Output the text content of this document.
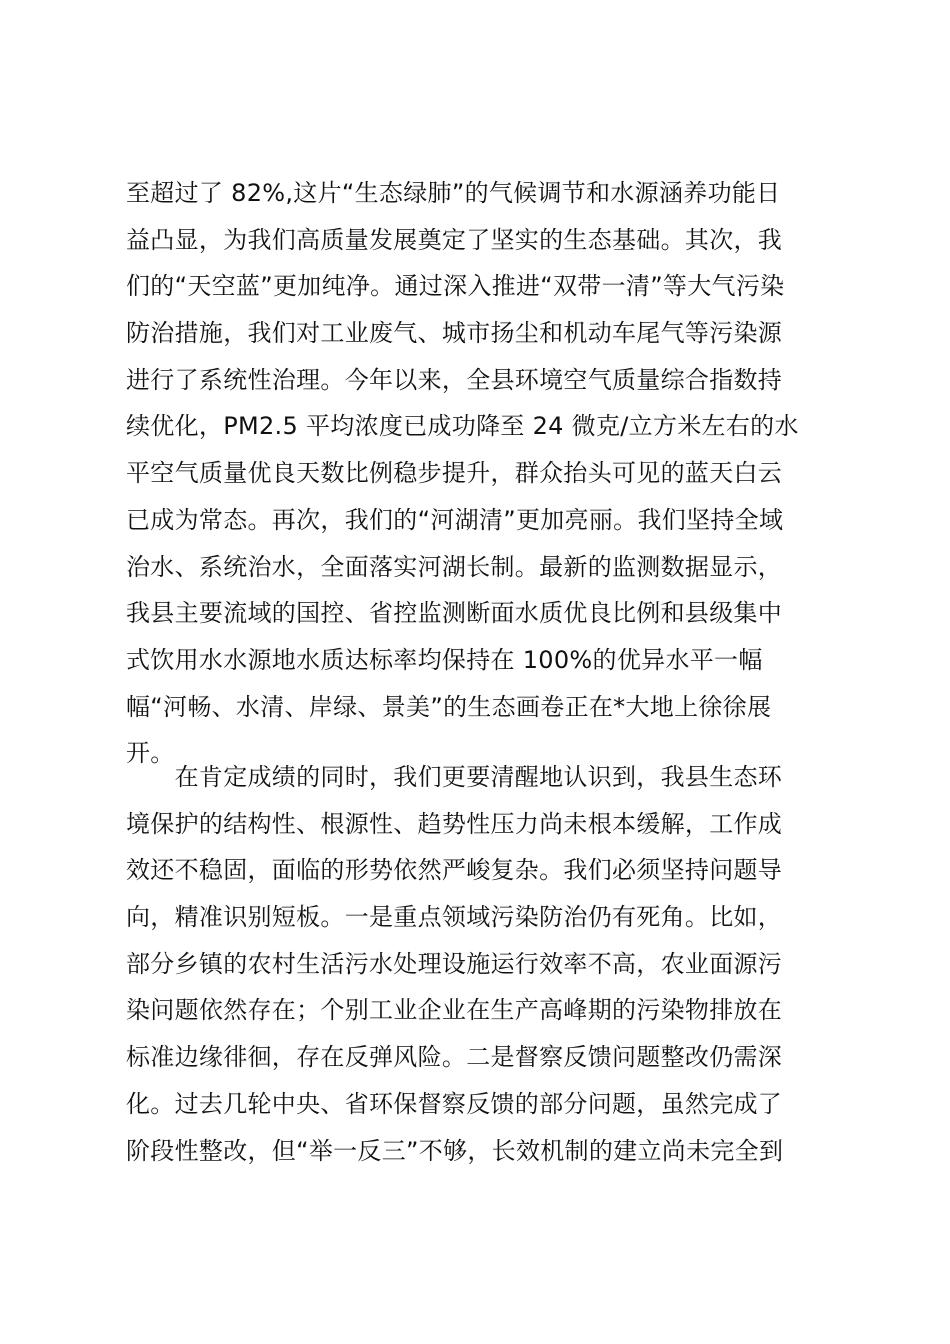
至超过了 82%,这片“生态绿肺”的气候调节和水源涵养功能日
益凸显，为我们高质量发展奠定了坚实的生态基础。其次，我
们的“天空蓝”更加纯净。通过深入推进“双带一清”等大气污染
防治措施，我们对工业废气、城市扬尘和机动车尾气等污染源
进行了系统性治理。今年以来，全县环境空气质量综合指数持
续优化，PM2.5 平均浓度已成功降至 24 微克/立方米左右的水
平空气质量优良天数比例稳步提升，群众抬头可见的蓝天白云
已成为常态。再次，我们的“河湖清”更加亮丽。我们坚持全域
治水、系统治水，全面落实河湖长制。最新的监测数据显示，
我县主要流域的国控、省控监测断面水质优良比例和县级集中
式饮用水水源地水质达标率均保持在 100%的优异水平一幅
幅“河畅、水清、岸绿、景美”的生态画卷正在*大地上徐徐展
开。
　　在肯定成绩的同时，我们更要清醒地认识到，我县生态环
境保护的结构性、根源性、趋势性压力尚未根本缓解，工作成
效还不稳固，面临的形势依然严峻复杂。我们必须坚持问题导
向，精准识别短板。一是重点领域污染防治仍有死角。比如，
部分乡镇的农村生活污水处理设施运行效率不高，农业面源污
染问题依然存在；个别工业企业在生产高峰期的污染物排放在
标准边缘徘徊，存在反弹风险。二是督察反馈问题整改仍需深
化。过去几轮中央、省环保督察反馈的部分问题，虽然完成了
阶段性整改，但“举一反三”不够，长效机制的建立尚未完全到
